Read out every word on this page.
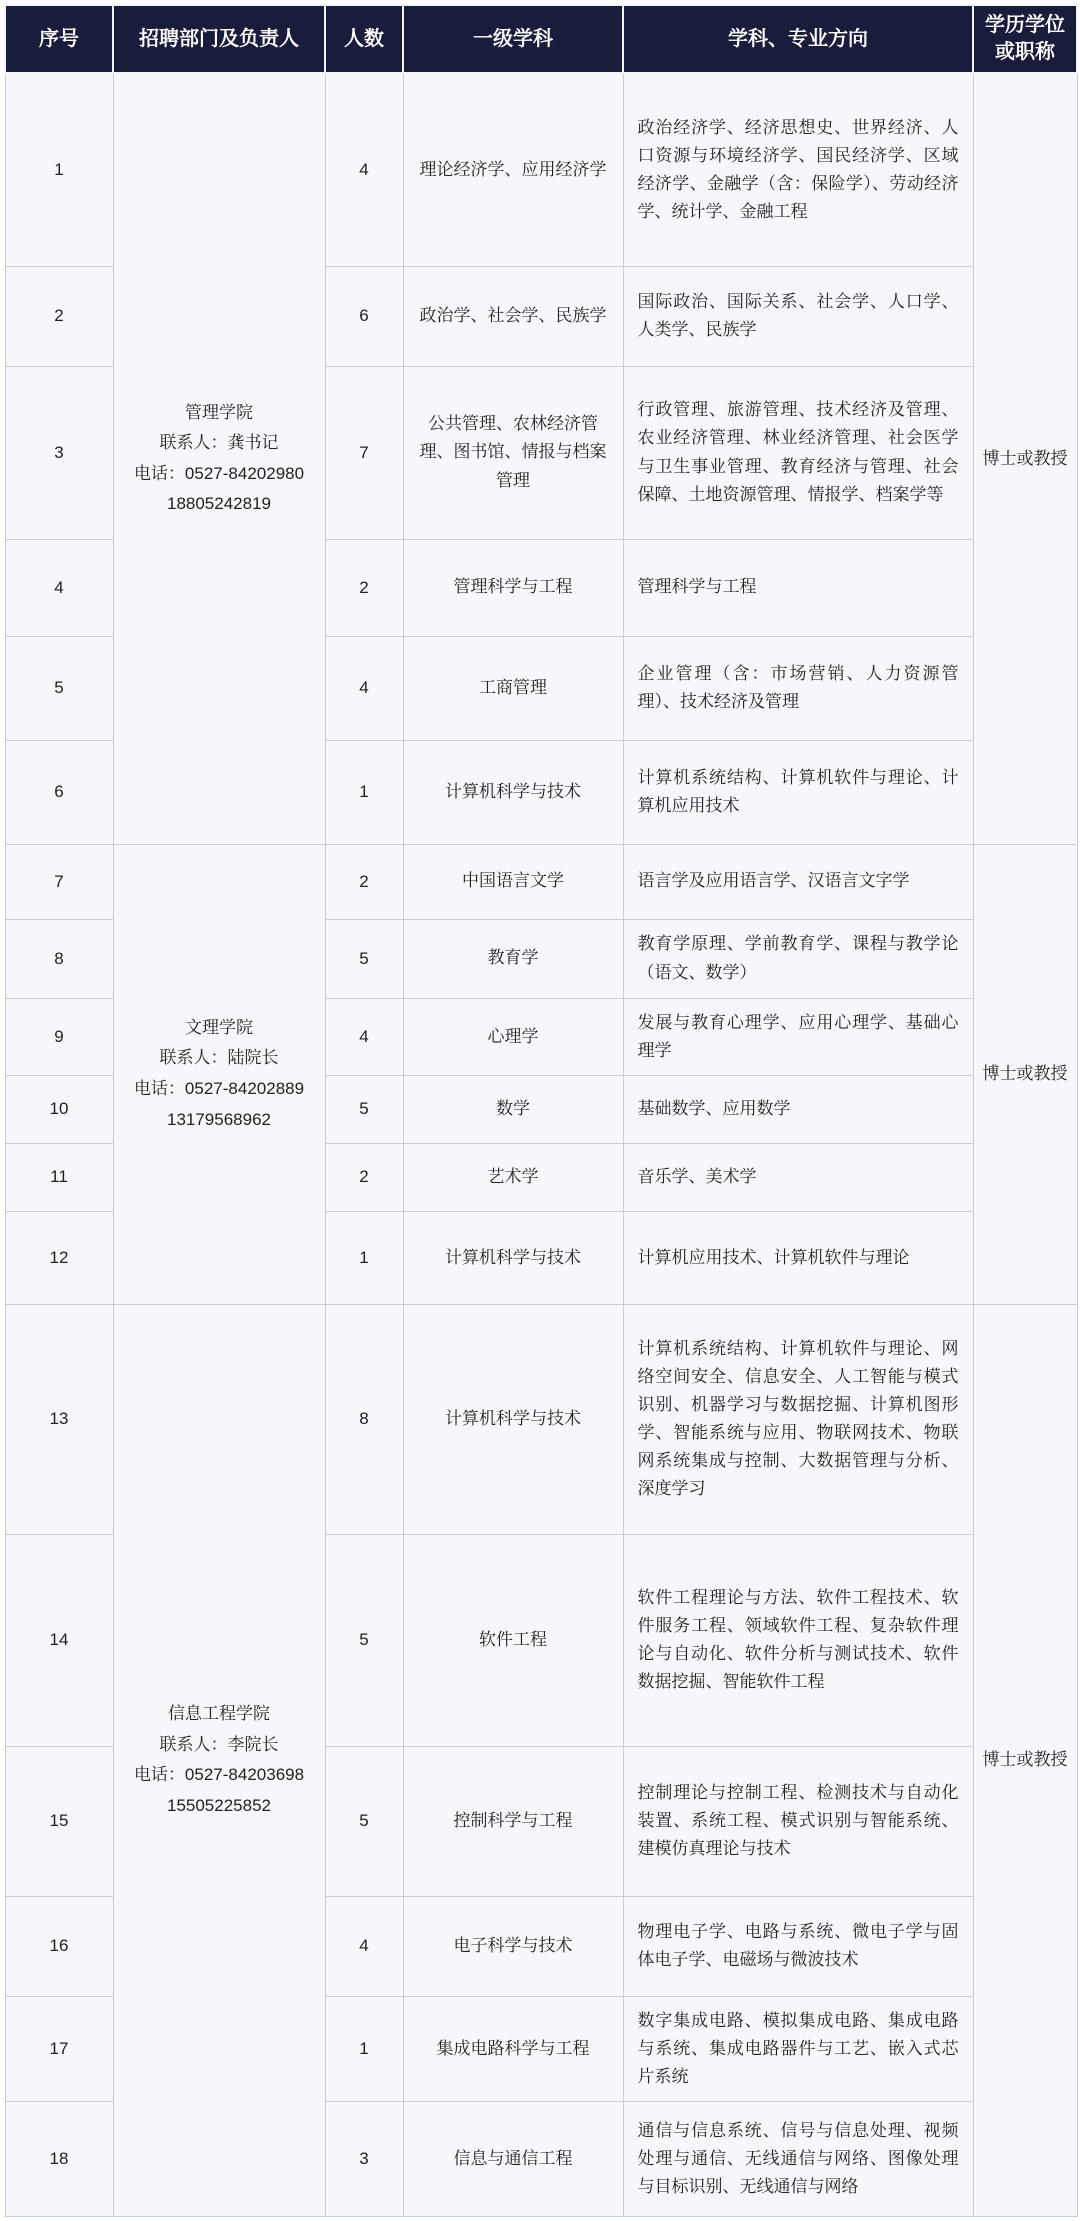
序号	招聘部门及负责人	人数	一级学科	学科、专业方向	学历学位或职称
1	管理学院
联系人：龚书记
电话：0527-84202980
18805242819	4	理论经济学、应用经济学	政治经济学、经济思想史、世界经济、人口资源与环境经济学、国民经济学、区域经济学、金融学（含：保险学）、劳动经济学、统计学、金融工程	博士或教授
2		6	政治学、社会学、民族学	国际政治、国际关系、社会学、人口学、人类学、民族学	
3		7	公共管理、农林经济管理、图书馆、情报与档案管理	行政管理、旅游管理、技术经济及管理、农业经济管理、林业经济管理、社会医学与卫生事业管理、教育经济与管理、社会保障、土地资源管理、情报学、档案学等	
4		2	管理科学与工程	管理科学与工程	
5		4	工商管理	企业管理（含：市场营销、人力资源管理）、技术经济及管理	
6		1	计算机科学与技术	计算机系统结构、计算机软件与理论、计算机应用技术	
7	文理学院
联系人：陆院长
电话：0527-84202889
13179568962	2	中国语言文学	语言学及应用语言学、汉语言文字学	博士或教授
8		5	教育学	教育学原理、学前教育学、课程与教学论（语文、数学）	
9		4	心理学	发展与教育心理学、应用心理学、基础心理学	
10		5	数学	基础数学、应用数学	
11		2	艺术学	音乐学、美术学	
12		1	计算机科学与技术	计算机应用技术、计算机软件与理论	
13	信息工程学院
联系人：李院长
电话：0527-84203698
15505225852	8	计算机科学与技术	计算机系统结构、计算机软件与理论、网络空间安全、信息安全、人工智能与模式识别、机器学习与数据挖掘、计算机图形学、智能系统与应用、物联网技术、物联网系统集成与控制、大数据管理与分析、深度学习	博士或教授
14		5	软件工程	软件工程理论与方法、软件工程技术、软件服务工程、领域软件工程、复杂软件理论与自动化、软件分析与测试技术、软件数据挖掘、智能软件工程	
15		5	控制科学与工程	控制理论与控制工程、检测技术与自动化装置、系统工程、模式识别与智能系统、建模仿真理论与技术	
16		4	电子科学与技术	物理电子学、电路与系统、微电子学与固体电子学、电磁场与微波技术	
17		1	集成电路科学与工程	数字集成电路、模拟集成电路、集成电路与系统、集成电路器件与工艺、嵌入式芯片系统	
18		3	信息与通信工程	通信与信息系统、信号与信息处理、视频处理与通信、无线通信与网络、图像处理与目标识别、无线通信与网络	
